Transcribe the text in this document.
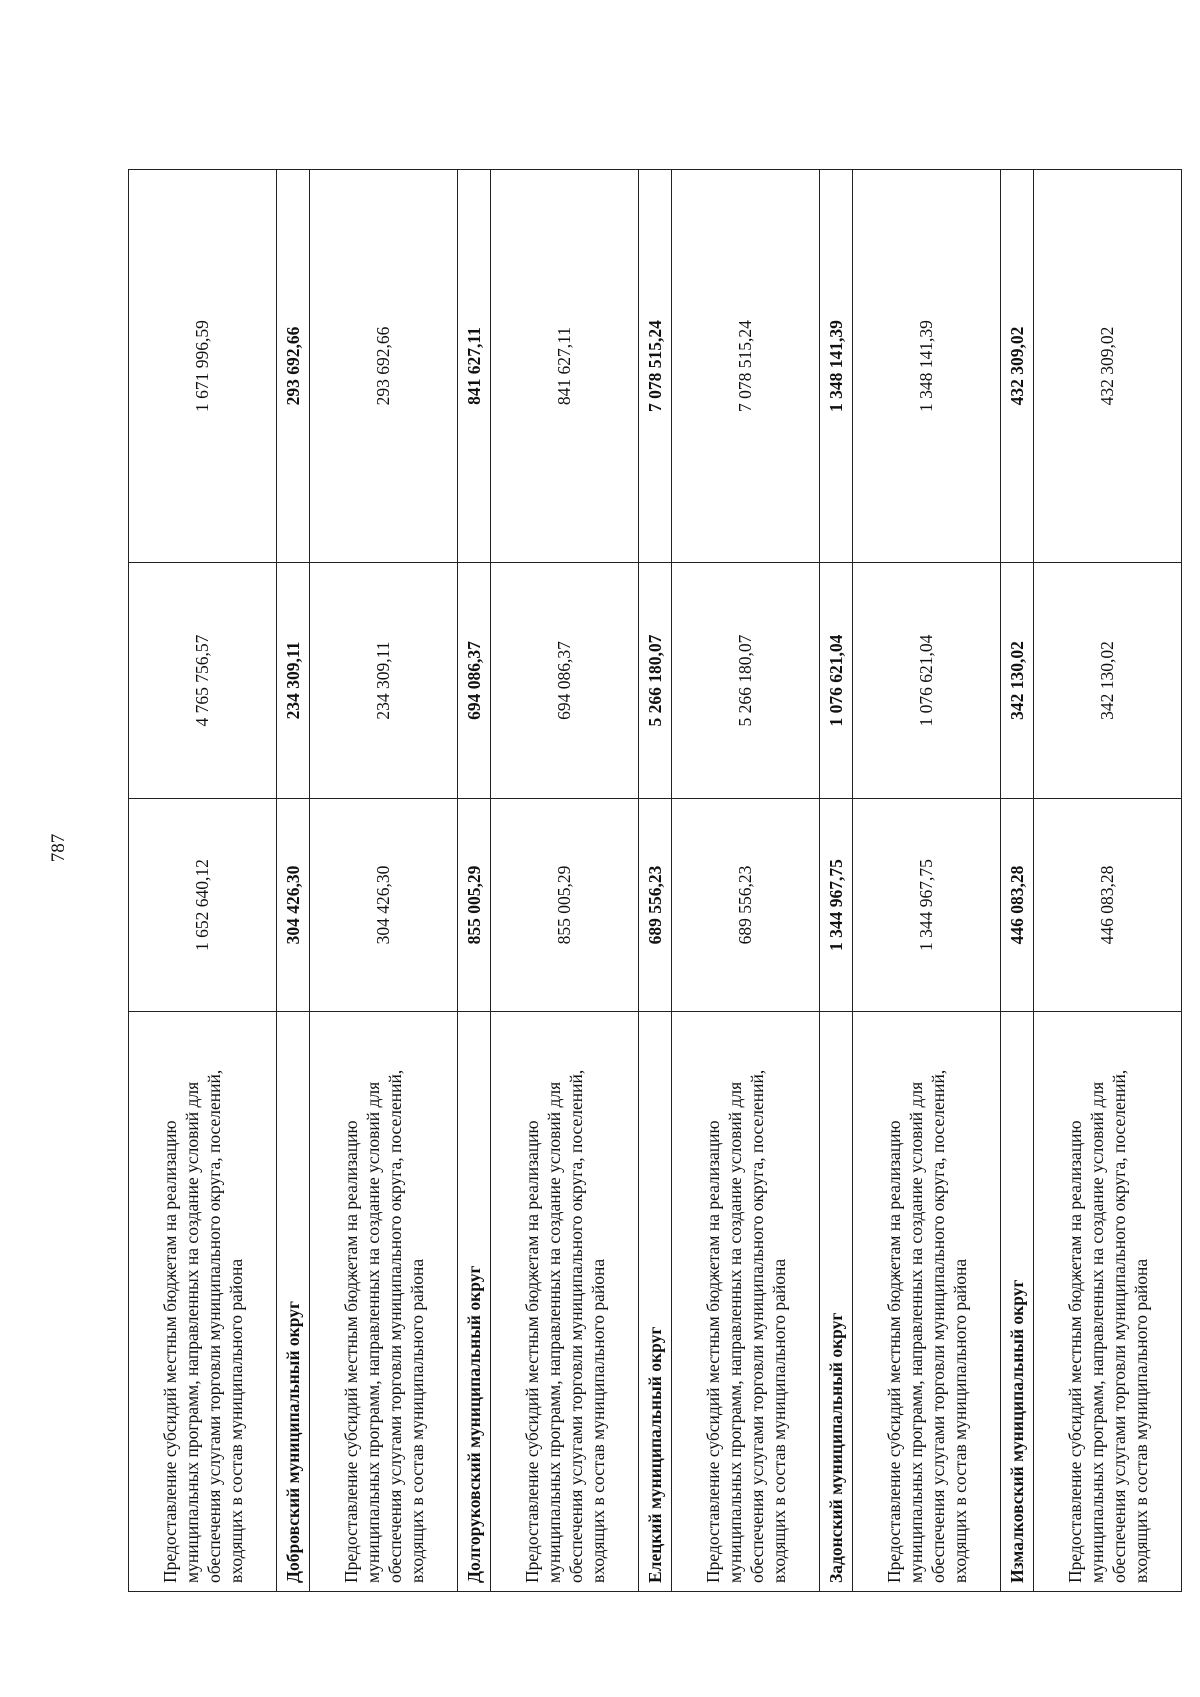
787
Предоставление субсидий местным бюджетам на реализацию муниципальных программ, направленных на создание условий для обеспечения услугами торговли муниципального округа, поселений, входящих в состав муниципального района	1 652 640,12	4 765 756,57	1 671 996,59
Добровский муниципальный округ	304 426,30	234 309,11	293 692,66
Предоставление субсидий местным бюджетам на реализацию муниципальных программ, направленных на создание условий для обеспечения услугами торговли муниципального округа, поселений, входящих в состав муниципального района	304 426,30	234 309,11	293 692,66
Долгоруковский муниципальный округ	855 005,29	694 086,37	841 627,11
Предоставление субсидий местным бюджетам на реализацию муниципальных программ, направленных на создание условий для обеспечения услугами торговли муниципального округа, поселений, входящих в состав муниципального района	855 005,29	694 086,37	841 627,11
Елецкий муниципальный округ	689 556,23	5 266 180,07	7 078 515,24
Предоставление субсидий местным бюджетам на реализацию муниципальных программ, направленных на создание условий для обеспечения услугами торговли муниципального округа, поселений, входящих в состав муниципального района	689 556,23	5 266 180,07	7 078 515,24
Задонский муниципальный округ	1 344 967,75	1 076 621,04	1 348 141,39
Предоставление субсидий местным бюджетам на реализацию муниципальных программ, направленных на создание условий для обеспечения услугами торговли муниципального округа, поселений, входящих в состав муниципального района	1 344 967,75	1 076 621,04	1 348 141,39
Измалковский муниципальный округ	446 083,28	342 130,02	432 309,02
Предоставление субсидий местным бюджетам на реализацию муниципальных программ, направленных на создание условий для обеспечения услугами торговли муниципального округа, поселений, входящих в состав муниципального района	446 083,28	342 130,02	432 309,02
